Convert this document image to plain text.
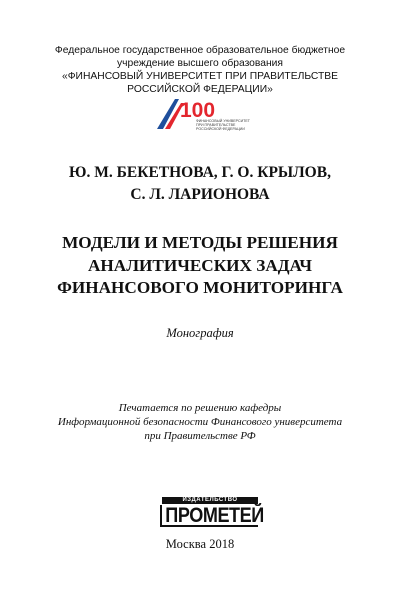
Федеральное государственное образовательное бюджетное
учреждение высшего образования
«ФИНАНСОВЫЙ УНИВЕРСИТЕТ ПРИ ПРАВИТЕЛЬСТВЕ
РОССИЙСКОЙ ФЕДЕРАЦИИ»
100
ФИНАНСОВЫЙ УНИВЕРСИТЕТ
ПРИ ПРАВИТЕЛЬСТВЕ
РОССИЙСКОЙ ФЕДЕРАЦИИ
Ю. М. БЕКЕТНОВА, Г. О. КРЫЛОВ,
С. Л. ЛАРИОНОВА
МОДЕЛИ И МЕТОДЫ РЕШЕНИЯ
АНАЛИТИЧЕСКИХ ЗАДАЧ
ФИНАНСОВОГО МОНИТОРИНГА
Монография
Печатается по решению кафедры
Информационной безопасности Финансового университета
при Правительстве РФ
ИЗДАТЕЛЬСТВО
ПРОМЕТЕЙ
Москва 2018
